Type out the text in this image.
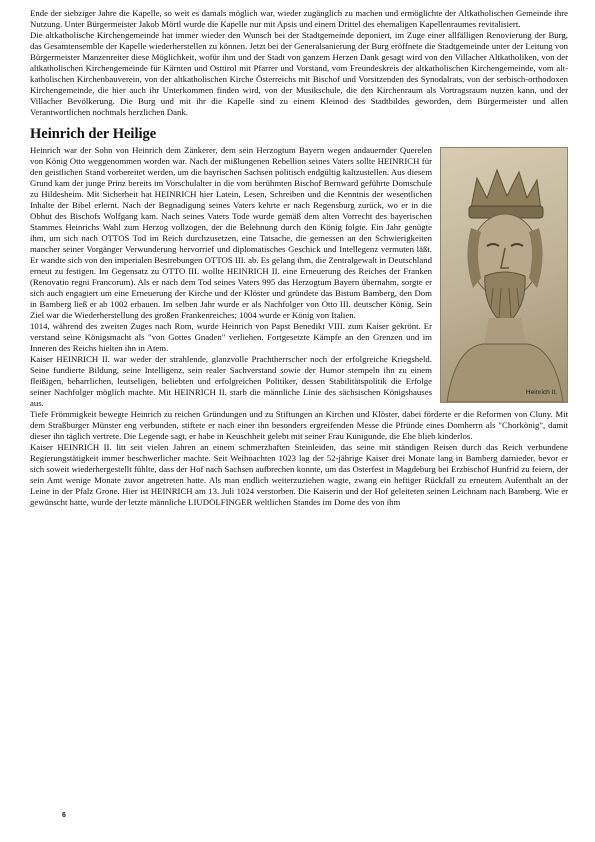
Ende der siebziger Jahre die Kapelle, so weit es damals möglich war, wieder zugänglich zu machen und ermöglichte der Altkatholischen Gemeinde ihre Nutzung. Unter Bürgermeister Jakob Mörtl wurde die Kapelle nur mit Apsis und einem Drittel des ehemaligen Kapellenraumes revitalisiert.

Die altkatholische Kirchengemeinde hat immer wieder den Wunsch bei der Stadtgemeinde deponiert, im Zuge einer allfälligen Renovierung der Burg, das Gesamtensemble der Kapelle wiederherstellen zu können. Jetzt bei der Generalsanierung der Burg eröffnete die Stadtgemeinde unter der Leitung von Bürgermeister Manzenreiter diese Möglichkeit, wofür ihm und der Stadt von ganzem Herzen Dank gesagt wird von den Villacher Altkatholiken, von der altkatholischen Kirchengemeinde für Kärnten und Osttirol mit Pfarrer und Vorstand, vom Freundeskreis der altkatholischen Kirchengemeinde, vom alt-katholischen Kirchenbauverein, von der altkatholischen Kirche Österreichs mit Bischof und Vorsitzenden des Synodalrats, von der serbisch-orthodoxen Kirchengemeinde, die hier auch ihr Unterkommen finden wird, von der Musikschule, die den Kirchenraum als Vortragsraum nutzen kann, und der Villacher Bevölkerung. Die Burg und mit ihr die Kapelle sind zu einem Kleinod des Stadtbildes geworden, dem Bürgermeister und allen Verantwortlichen nochmals herzlichen Dank.

Heinrich der Heilige
Heinrich II.

Heinrich war der Sohn von Heinrich dem Zänkerer, dem sein Herzogtum Bayern wegen andauernder Querelen von König Otto weggenommen worden war. Nach der mißlungenen Rebellion seines Vaters sollte HEINRICH für den geistlichen Stand vorbereitet werden, um die bayrischen Sachsen politisch endgültig kaltzustellen. Aus diesem Grund kam der junge Prinz bereits im Vorschulalter in die vom berühmten Bischof Bernward geführte Domschule zu Hildesheim. Mit Sicherheit hat HEINRICH hier Latein, Lesen, Schreiben und die Kenntnis der wesentlichen Inhalte der Bibel erlernt. Nach der Begnadigung seines Vaters kehrte er nach Regensburg zurück, wo er in die Obhut des Bischofs Wolfgang kam. Nach seines Vaters Tode wurde gemäß dem alten Vorrecht des bayerischen Stammes Heinrichs Wahl zum Herzog vollzogen, der die Belehnung durch den König folgte. Ein Jahr genügte ihm, um sich nach OTTOS Tod im Reich durchzusetzen, eine Tatsache, die gemessen an den Schwierigkeiten mancher seiner Vorgänger Verwunderung hervorrief und diplomatisches Geschick und Intellegenz vermuten läßt. Er wandte sich von den imperialen Bestrebungen OTTOS III. ab. Es gelang ihm, die Zentralgewalt in Deutschland erneut zu festigen. Im Gegensatz zu OTTO III. wollte HEINRICH II. eine Erneuerung des Reiches der Franken (Renovatio regni Francorum). Als er nach dem Tod seines Vaters 995 das Herzogtum Bayern übernahm, sorgte er sich auch engagiert um eine Erneuerung der Kirche und der Klöster und gründete das Bistum Bamberg, den Dom in Bamberg ließ er ab 1002 erbauen. Im selben Jahr wurde er als Nachfolger von Otto III. deutscher König. Sein Ziel war die Wiederherstellung des großen Frankenreiches; 1004 wurde er König von Italien.

1014, während des zweiten Zuges nach Rom, wurde Heinrich von Papst Benedikt VIII. zum Kaiser gekrönt. Er verstand seine Königsmacht als "von Gottes Gnaden" verliehen. Fortgesetzte Kämpfe an den Grenzen und im Inneren des Reichs hielten ihn in Atem.

Kaiser HEINRICH II. war weder der strahlende, glanzvolle Prachtherrscher noch der erfolgreiche Kriegsheld. Seine fundierte Bildung, seine Intelligenz, sein realer Sachverstand sowie der Humor stempeln ihn zu einem fleißigen, beharrlichen, leutseligen, beliebten und erfolgreichen Politiker, dessen Stabilitätspolitik die Erfolge seiner Nachfolger möglich machte. Mit HEINRICH II. starb die männliche Linie des sächsischen Königshauses aus.

Tiefe Frömmigkeit bewegte Heinrich zu reichen Gründungen und zu Stiftungen an Kirchen und Klöster, dabei förderte er die Reformen von Cluny. Mit dem Straßburger Münster eng verbunden, stiftete er nach einer ihn besonders ergreifenden Messe die Pfründe eines Domherrn als "Chorkönig", damit dieser ihn täglich vertrete. Die Legende sagt, er habe in Keuschheit gelebt mit seiner Frau Kunigunde, die Ehe blieb kinderlos.

Kaiser HEINRICH II. litt seit vielen Jahren an einem schmerzhaften Steinleiden, das seine mit ständigen Reisen durch das Reich verbundene Regierungstätigkeit immer beschwerlicher machte. Seit Weihnachten 1023 lag der 52-jährige Kaiser drei Monate lang in Bamberg darnieder, bevor er sich soweit wiederhergestellt fühlte, dass der Hof nach Sachsen aufbrechen konnte, um das Osterfest in Magdeburg bei Erzbischof Hunfrid zu feiern, der sein Amt wenige Monate zuvor angetreten hatte. Als man endlich weiterzuziehen wagte, zwang ein heftiger Rückfall zu erneutem Aufenthalt an der Leine in der Pfalz Grone. Hier ist HEINRICH am 13. Juli 1024 verstorben. Die Kaiserin und der Hof geleiteten seinen Leichnam nach Bamberg. Wie er gewünscht hatte, wurde der letzte männliche LIUDOLFINGER weltlichen Standes im Dome des von ihm

6
